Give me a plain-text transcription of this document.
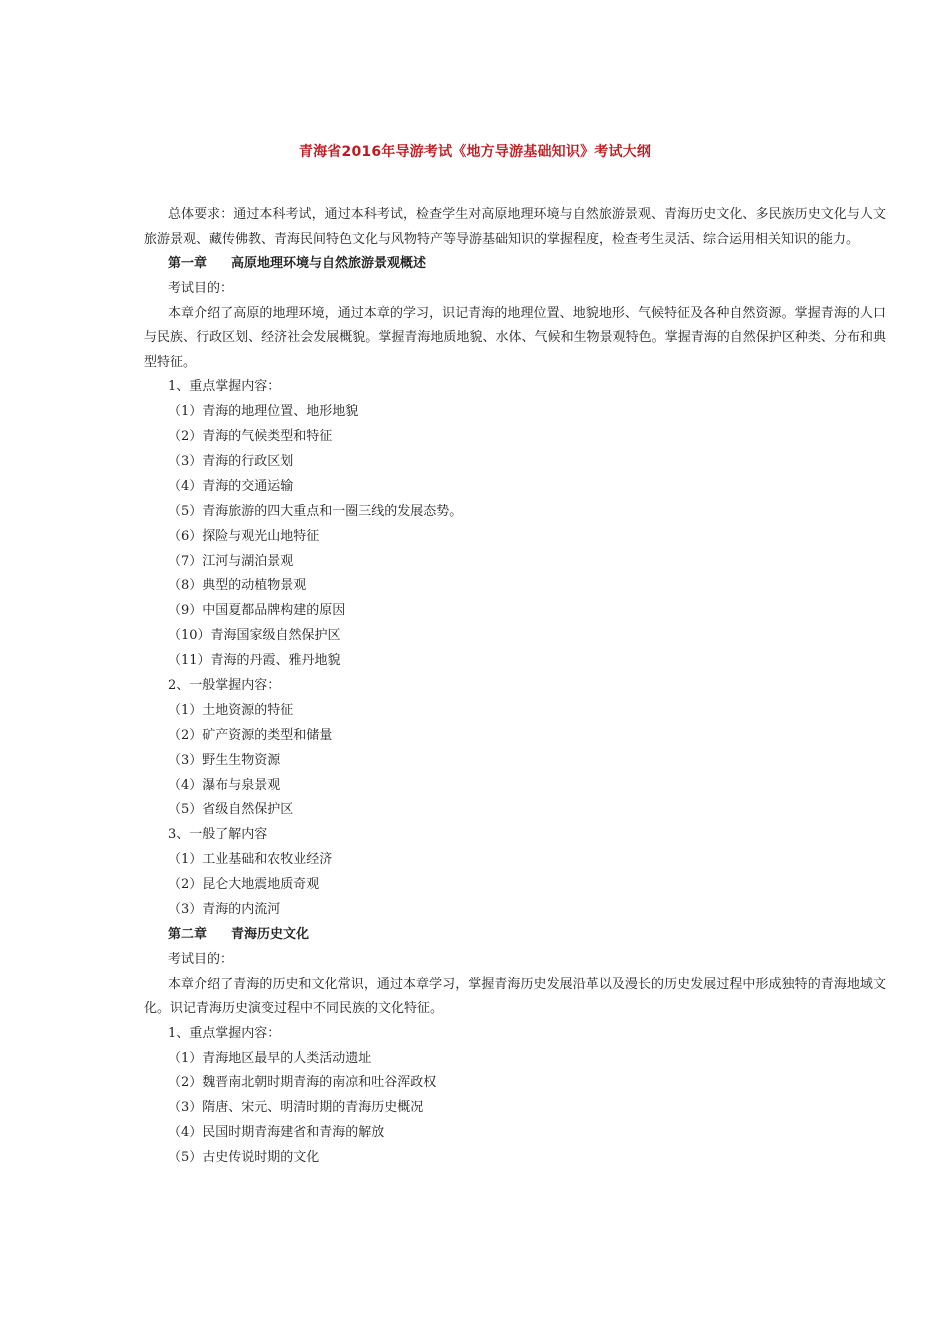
青海省2016年导游考试《地方导游基础知识》考试大纲

总体要求：通过本科考试，通过本科考试，检查学生对高原地理环境与自然旅游景观、青海历史文化、多民族历史文化与人文旅游景观、藏传佛教、青海民间特色文化与风物特产等导游基础知识的掌握程度，检查考生灵活、综合运用相关知识的能力。

第一章 高原地理环境与自然旅游景观概述
考试目的：

本章介绍了高原的地理环境，通过本章的学习，识记青海的地理位置、地貌地形、气候特征及各种自然资源。掌握青海的人口与民族、行政区划、经济社会发展概貌。掌握青海地质地貌、水体、气候和生物景观特色。掌握青海的自然保护区种类、分布和典型特征。

1、重点掌握内容：
（1）青海的地理位置、地形地貌
（2）青海的气候类型和特征
（3）青海的行政区划
（4）青海的交通运输
（5）青海旅游的四大重点和一圈三线的发展态势。
（6）探险与观光山地特征
（7）江河与湖泊景观
（8）典型的动植物景观
（9）中国夏都品牌构建的原因
（10）青海国家级自然保护区
（11）青海的丹霞、雅丹地貌
2、一般掌握内容：
（1）土地资源的特征
（2）矿产资源的类型和储量
（3）野生生物资源
（4）瀑布与泉景观
（5）省级自然保护区
3、一般了解内容
（1）工业基础和农牧业经济
（2）昆仑大地震地质奇观
（3）青海的内流河
第二章 青海历史文化
考试目的：

本章介绍了青海的历史和文化常识，通过本章学习，掌握青海历史发展沿革以及漫长的历史发展过程中形成独特的青海地域文化。识记青海历史演变过程中不同民族的文化特征。

1、重点掌握内容：
（1）青海地区最早的人类活动遗址
（2）魏晋南北朝时期青海的南凉和吐谷浑政权
（3）隋唐、宋元、明清时期的青海历史概况
（4）民国时期青海建省和青海的解放
（5）古史传说时期的文化
